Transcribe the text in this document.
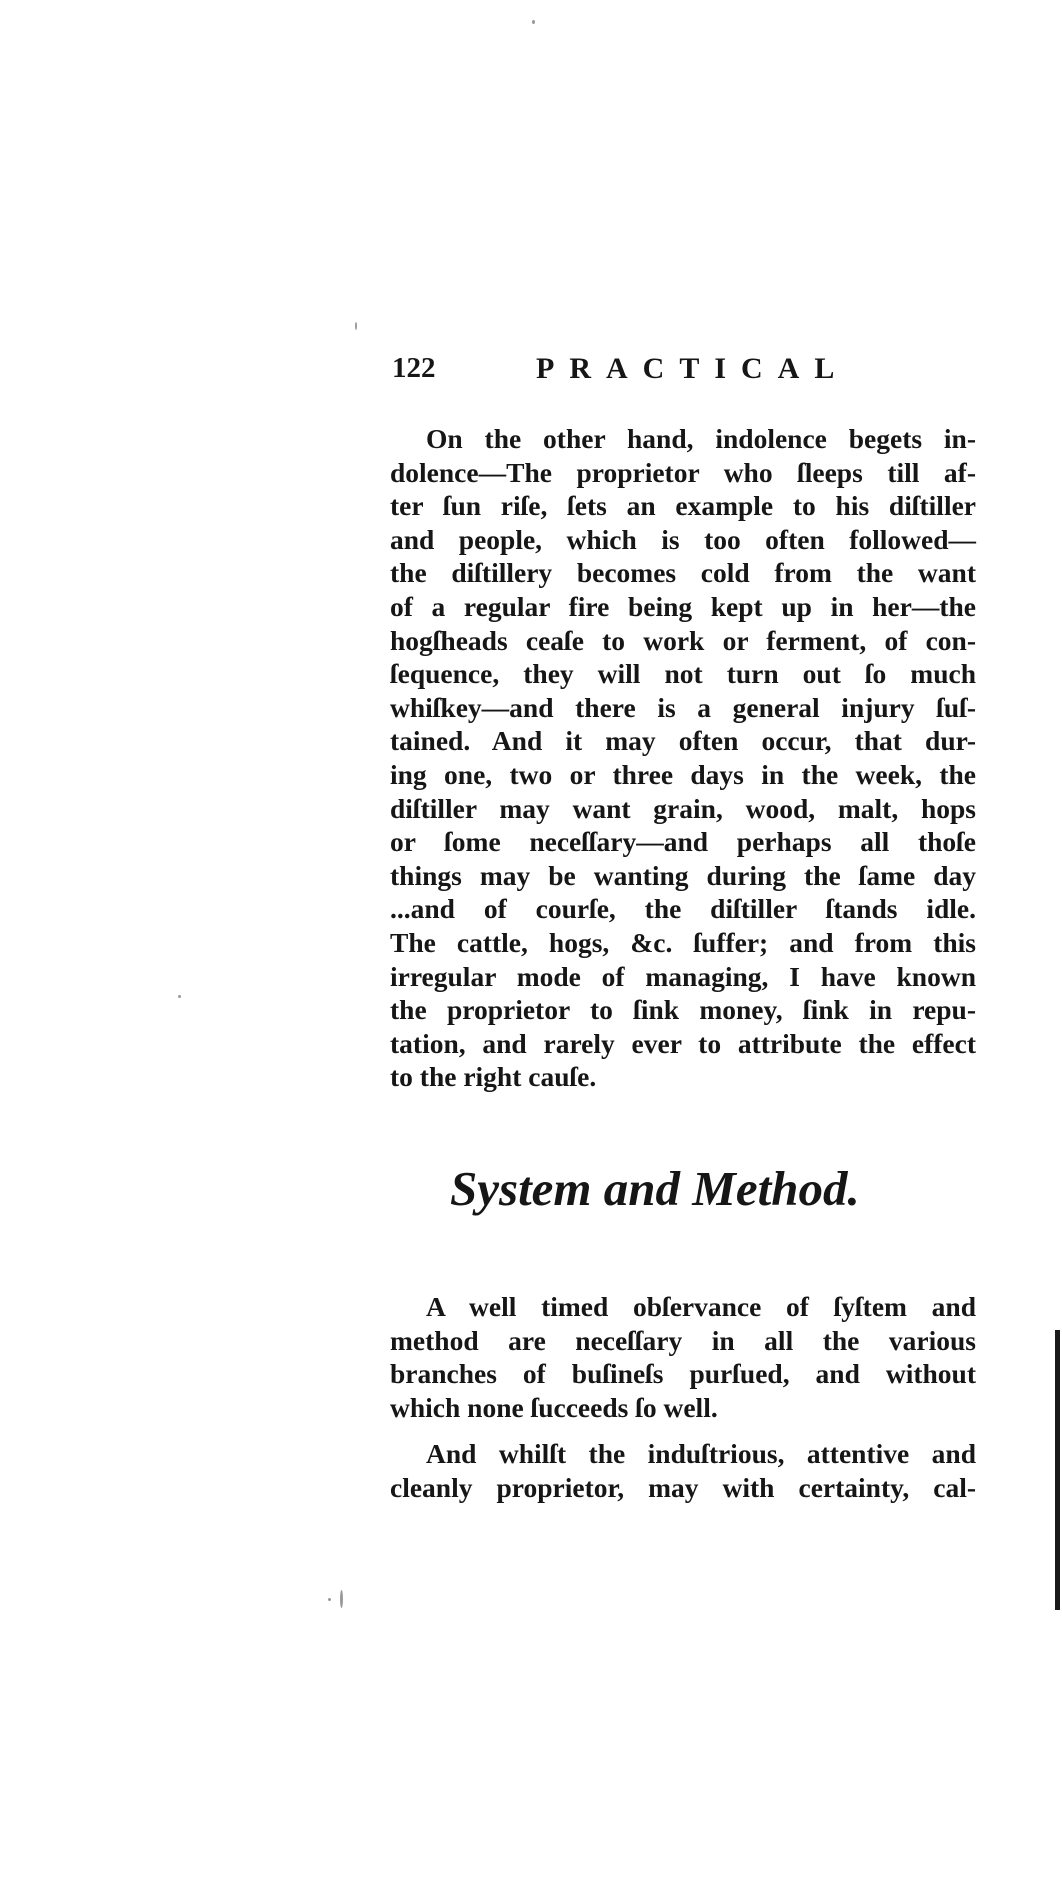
122	PRACTICAL
On the other hand, indolence begets in-
dolence—The proprietor who ſleeps till af-
ter ſun riſe, ſets an example to his diſtiller
and people, which is too often followed—
the diſtillery becomes cold from the want
of a regular fire being kept up in her—the
hogſheads ceaſe to work or ferment, of con-
ſequence, they will not turn out ſo much
whiſkey—and there is a general injury ſuſ-
tained. And it may often occur, that dur-
ing one, two or three days in the week, the
diſtiller may want grain, wood, malt, hops
or ſome neceſſary—and perhaps all thoſe
things may be wanting during the ſame day
...and of courſe, the diſtiller ſtands idle.
The cattle, hogs, &c. ſuffer; and from this
irregular mode of managing, I have known
the proprietor to ſink money, ſink in repu-
tation, and rarely ever to attribute the effect
to the right cauſe.
System and Method.
A well timed obſervance of ſyſtem and
method are neceſſary in all the various
branches of buſineſs purſued, and without
which none ſucceeds ſo well.
And whilſt the induſtrious, attentive and
cleanly proprietor, may with certainty, cal-
